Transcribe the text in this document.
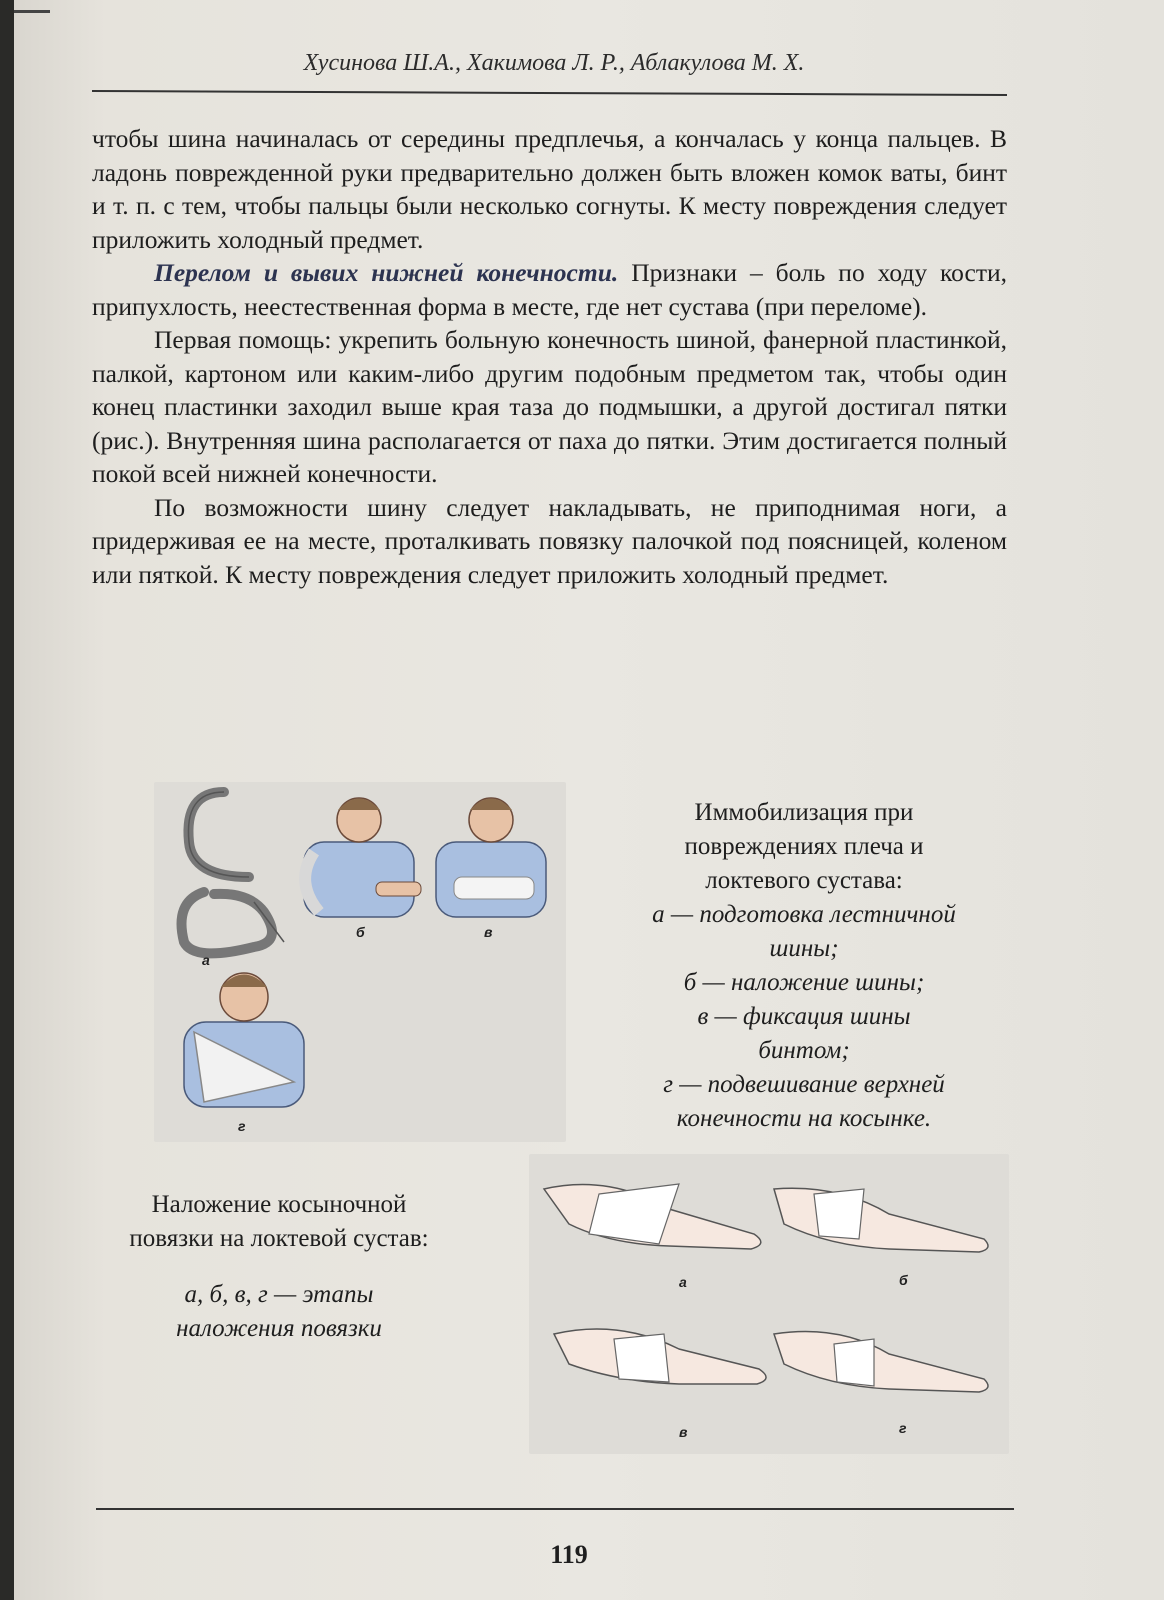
Хусинова Ш.А., Хакимова Л. Р., Аблакулова М. Х.

чтобы шина начиналась от середины предплечья, а кончалась у конца пальцев. В ладонь поврежденной руки предварительно должен быть вложен комок ваты, бинт и т. п. с тем, чтобы пальцы были несколько согнуты. К месту повреждения следует приложить холодный предмет.

Перелом и вывих нижней конечности. Признаки – боль по ходу кости, припухлость, неестественная форма в месте, где нет сустава (при переломе).

Первая помощь: укрепить больную конечность шиной, фанерной пластинкой, палкой, картоном или каким-либо другим подобным предметом так, чтобы один конец пластинки заходил выше края таза до подмышки, а другой достигал пятки (рис.). Внутренняя шина располагается от паха до пятки. Этим достигается полный покой всей нижней конечности.

По возможности шину следует накладывать, не приподнимая ноги, а придерживая ее на месте, проталкивать повязку палочкой под поясницей, коленом или пяткой. К месту повреждения следует приложить холодный предмет.

а
б	в
г
Иммобилизация при повреждениях плеча и локтевого сустава:
а — подготовка лестничной шины;
б — наложение шины;
в — фиксация шины бинтом;
г — подвешивание верхней конечности на косынке.
Наложение косыночной повязки на локтевой сустав:
а, б, в, г — этапы наложения повязки
а	б
в	г
119
